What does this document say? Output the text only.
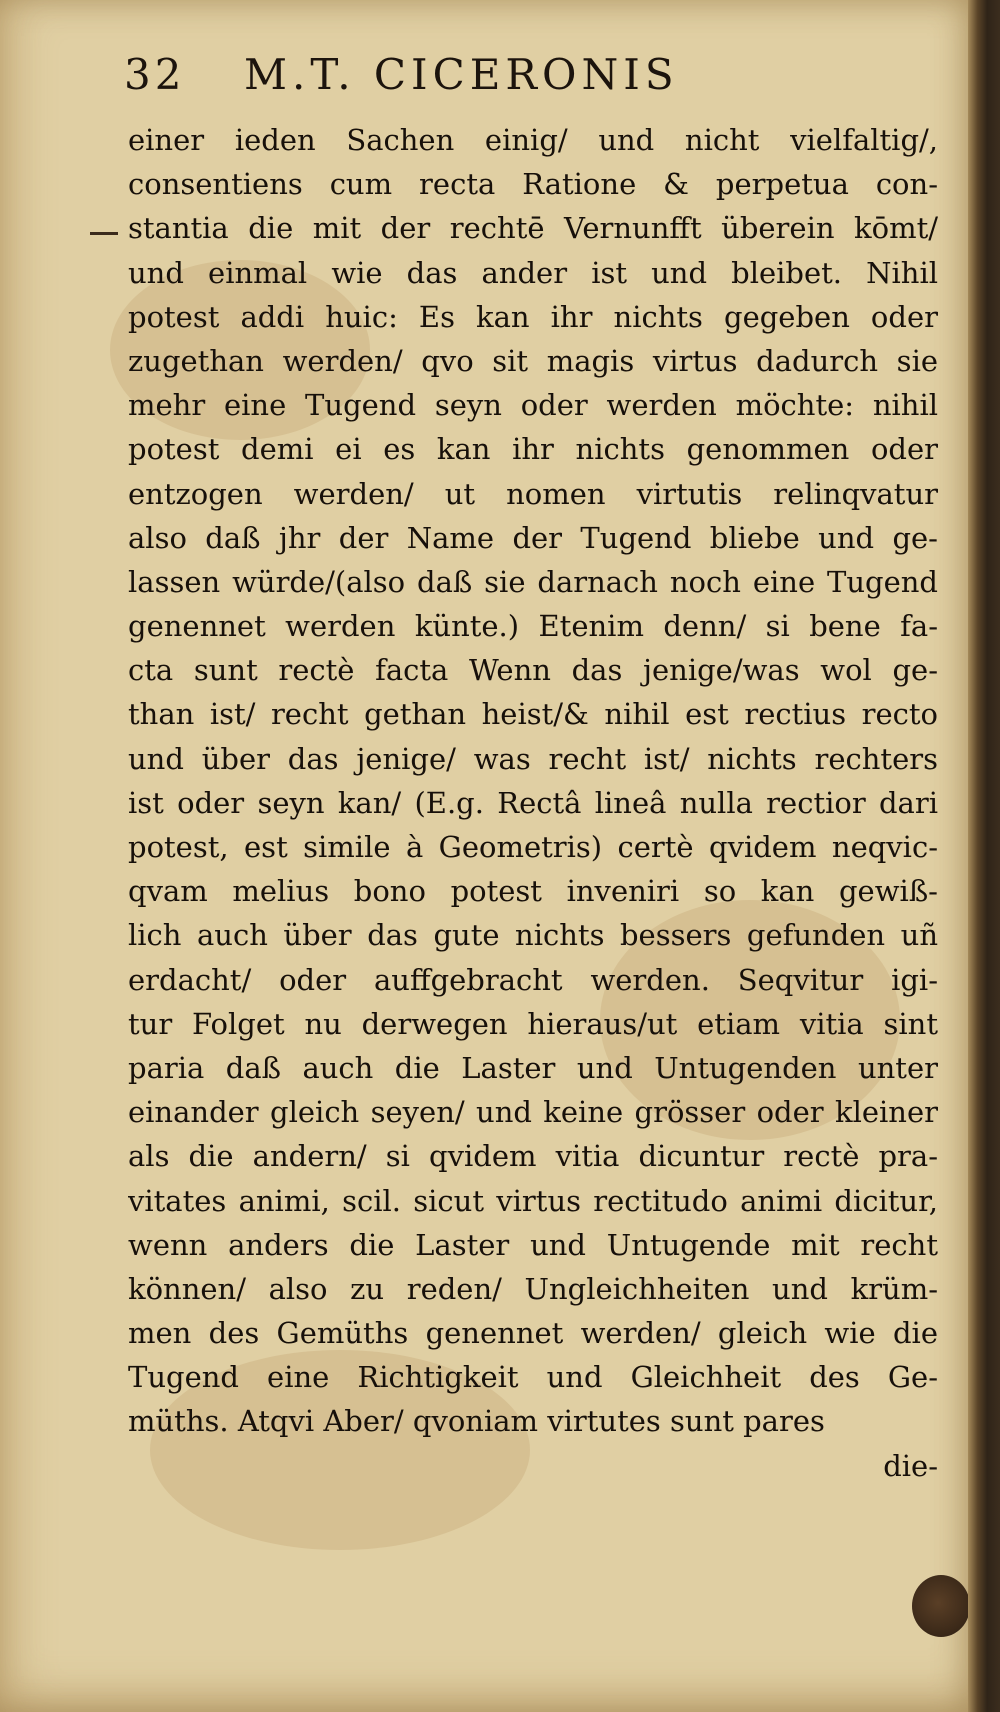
32	M.T. CICERONIS
einer ieden Sachen einig/ und nicht vielfaltig/,
consentiens cum recta Ratione & perpetua con-
stantia die mit der rechtē Vernunfft überein kōmt/
und einmal wie das ander ist und bleibet. Nihil
potest addi huic: Es kan ihr nichts gegeben oder
zugethan werden/ qvo sit magis virtus dadurch sie
mehr eine Tugend seyn oder werden möchte: nihil
potest demi ei es kan ihr nichts genommen oder
entzogen werden/ ut nomen virtutis relinqvatur
also daß jhr der Name der Tugend bliebe und ge-
lassen würde/(also daß sie darnach noch eine Tugend
genennet werden künte.) Etenim denn/ si bene fa-
cta sunt rectè facta Wenn das jenige/was wol ge-
than ist/ recht gethan heist/& nihil est rectius recto
und über das jenige/ was recht ist/ nichts rechters
ist oder seyn kan/ (E.g. Rectâ lineâ nulla rectior dari
potest, est simile à Geometris) certè qvidem neqvic-
qvam melius bono potest inveniri so kan gewiß-
lich auch über das gute nichts bessers gefunden uñ
erdacht/ oder auffgebracht werden. Seqvitur igi-
tur Folget nu derwegen hieraus/ut etiam vitia sint
paria daß auch die Laster und Untugenden unter
einander gleich seyen/ und keine grösser oder kleiner
als die andern/ si qvidem vitia dicuntur rectè pra-
vitates animi, scil. sicut virtus rectitudo animi dicitur,
wenn anders die Laster und Untugende mit recht
können/ also zu reden/ Ungleichheiten und krüm-
men des Gemüths genennet werden/ gleich wie die
Tugend eine Richtigkeit und Gleichheit des Ge-
müths. Atqvi Aber/ qvoniam virtutes sunt pares
die-
